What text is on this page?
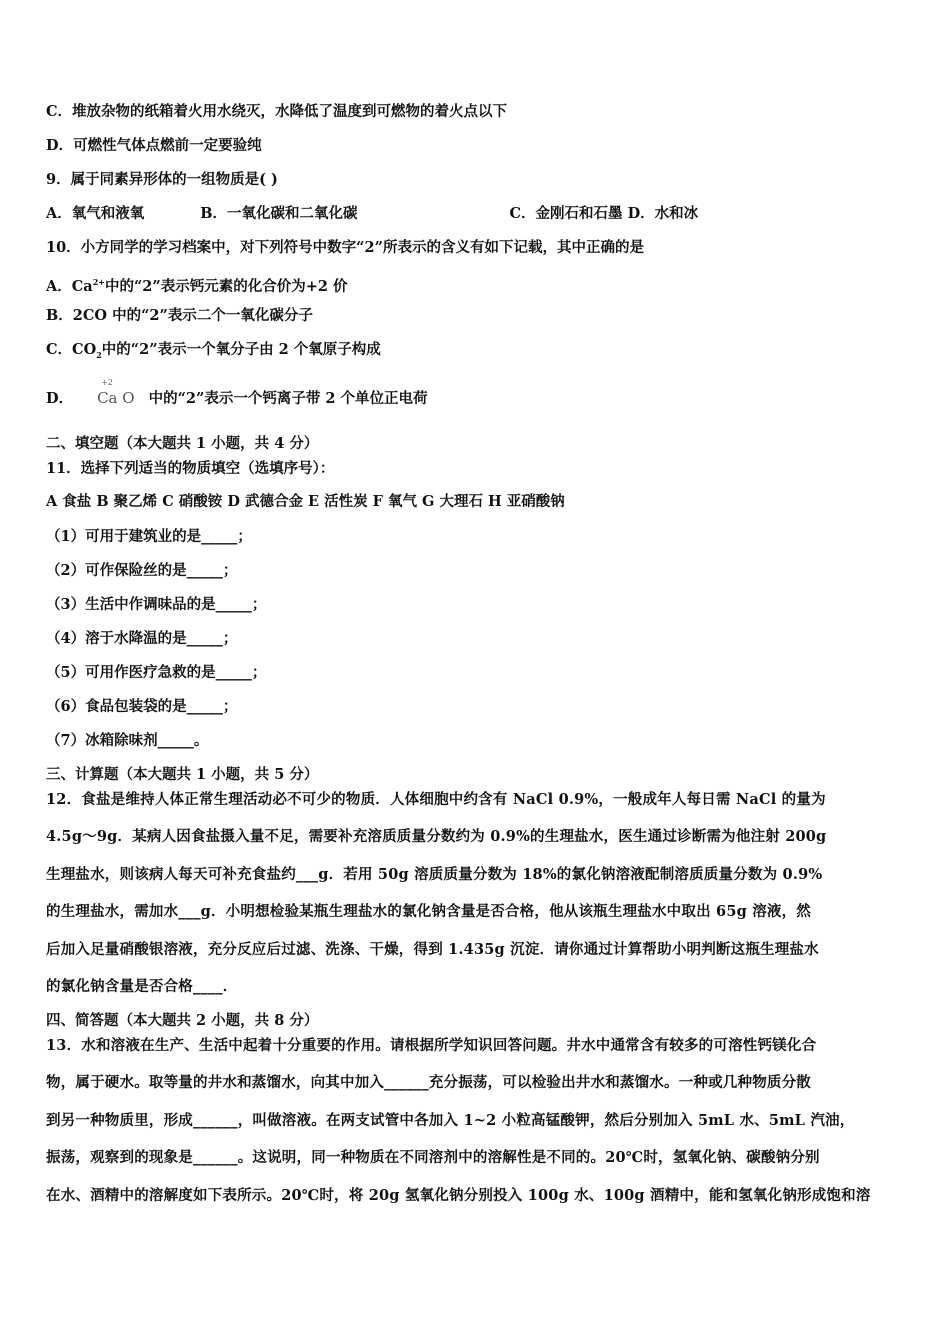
C．堆放杂物的纸箱着火用水绕灭，水降低了温度到可燃物的着火点以下
D．可燃性气体点燃前一定要验纯
9．属于同素异形体的一组物质是( )
A．氧气和液氧	B．一氧化碳和二氧化碳	C．金刚石和石墨 D．水和冰
10．小方同学的学习档案中，对下列符号中数字“2”所表示的含义有如下记载，其中正确的是
A．$Ca^{2+}$中的“2”表示钙元素的化合价为+2 价
B．2CO 中的“2”表示二个一氧化碳分子
C．$CO_2$中的“2”表示一个氧分子由 2 个氧原子构成
D．
+2
Ca O 中的“2”表示一个钙离子带 2 个单位正电荷
二、填空题（本大题共 1 小题，共 4 分）
11．选择下列适当的物质填空（选填序号）：
A 食盐 B 聚乙烯 C 硝酸铵 D 武德合金 E 活性炭 F 氧气 G 大理石 H 亚硝酸钠
（1）可用于建筑业的是_____；
（2）可作保险丝的是_____；
（3）生活中作调味品的是_____；
（4）溶于水降温的是_____；
（5）可用作医疗急救的是_____；
（6）食品包装袋的是_____；
（7）冰箱除味剂_____。
三、计算题（本大题共 1 小题，共 5 分）
12．食盐是维持人体正常生理活动必不可少的物质．人体细胞中约含有 NaCl 0.9%，一般成年人每日需 NaCl 的量为
4.5g～9g．某病人因食盐摄入量不足，需要补充溶质质量分数约为 0.9%的生理盐水，医生通过诊断需为他注射 200g
生理盐水，则该病人每天可补充食盐约___g．若用 50g 溶质质量分数为 18%的氯化钠溶液配制溶质质量分数为 0.9%
的生理盐水，需加水___g．小明想检验某瓶生理盐水的氯化钠含量是否合格，他从该瓶生理盐水中取出 65g 溶液，然
后加入足量硝酸银溶液，充分反应后过滤、洗涤、干燥，得到 1.435g 沉淀．请你通过计算帮助小明判断这瓶生理盐水
的氯化钠含量是否合格____．
四、简答题（本大题共 2 小题，共 8 分）
13．水和溶液在生产、生活中起着十分重要的作用。请根据所学知识回答问题。井水中通常含有较多的可溶性钙镁化合
物，属于硬水。取等量的井水和蒸馏水，向其中加入______充分振荡，可以检验出井水和蒸馏水。一种或几种物质分散
到另一种物质里，形成______，叫做溶液。在两支试管中各加入 1~2 小粒高锰酸钾，然后分别加入 5mL 水、5mL 汽油，
振荡，观察到的现象是______。这说明，同一种物质在不同溶剂中的溶解性是不同的。20℃时，氢氧化钠、碳酸钠分别
在水、酒精中的溶解度如下表所示。20℃时，将 20g 氢氧化钠分别投入 100g 水、100g 酒精中，能和氢氧化钠形成饱和溶
